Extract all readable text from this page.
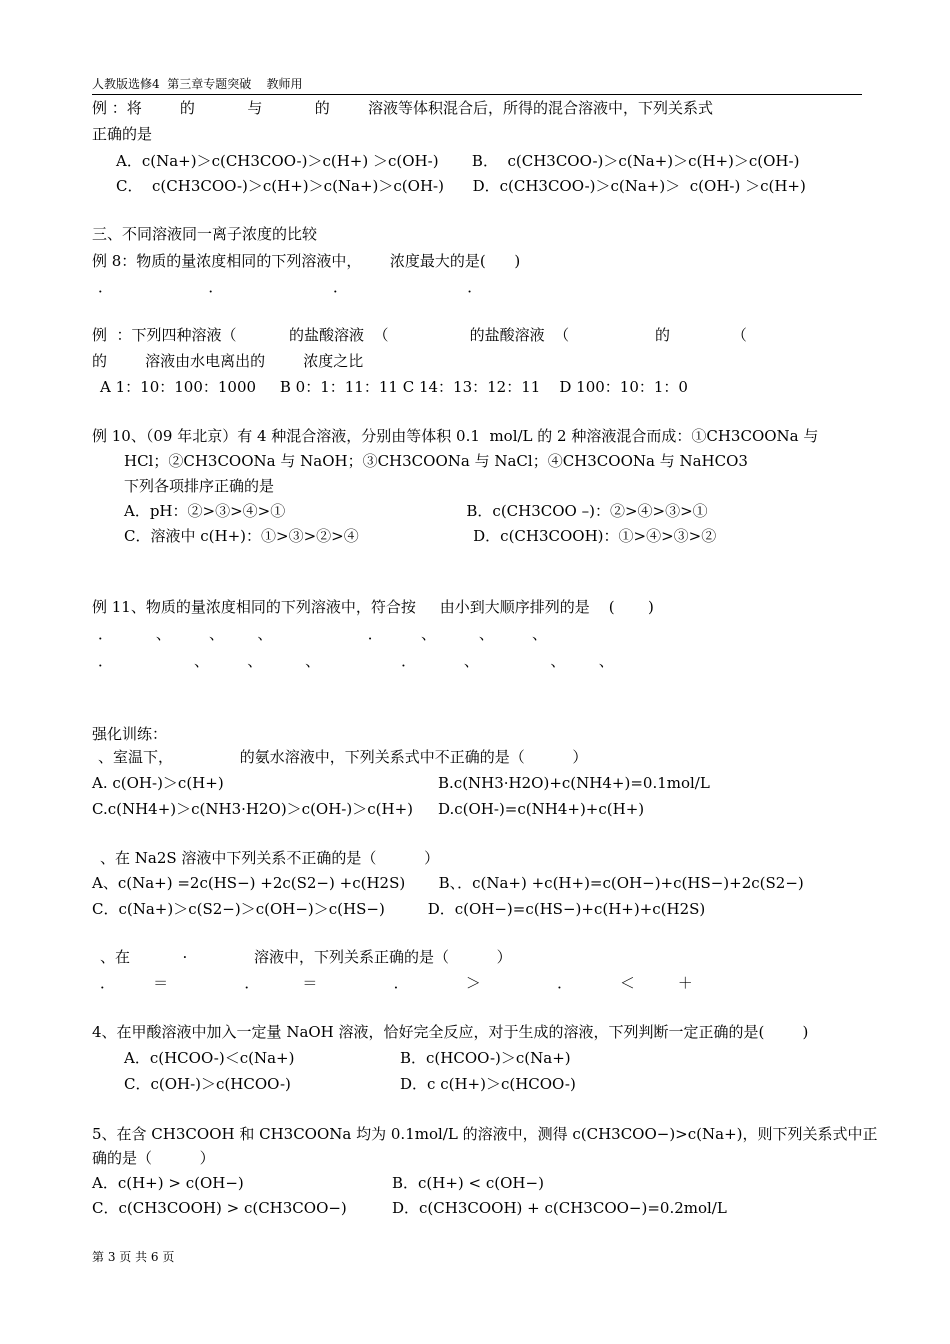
人教版选修4  第三章专题突破    教师用
例 ：将        的           与           的        溶液等体积混合后，所得的混合溶液中，下列关系式
正确的是
A．c(Na+)＞c(CH3COO-)＞c(H+) ＞c(OH-)       B．  c(CH3COO-)＞c(Na+)＞c(H+)＞c(OH-)
C．  c(CH3COO-)＞c(H+)＞c(Na+)＞c(OH-)      D．c(CH3COO-)＞c(Na+)＞  c(OH-) ＞c(H+)
三、不同溶液同一离子浓度的比较
例 8：物质的量浓度相同的下列溶液中，      浓度最大的是(      )
．                    ．                       ．                         ．
例  ：下列四种溶液（           的盐酸溶液  （                 的盐酸溶液  （                  的             （
的        溶液由水电离出的        浓度之比
A 1：10：100：1000     B 0：1：11：11 C 14：13：12：11    D 100：10：1：0
例 10、（09 年北京）有 4 种混合溶液，分别由等体积 0.1  mol/L 的 2 种溶液混合而成：①CH3COONa 与
HCl；②CH3COONa 与 NaOH；③CH3COONa 与 NaCl；④CH3COONa 与 NaHCO3
下列各项排序正确的是
A．pH：②>③>④>①                                      B．c(CH3COO –)：②>④>③>①
C．溶液中 c(H+)：①>③>②>④                        D．c(CH3COOH)：①>④>③>②
例 11、物质的量浓度相同的下列溶液中，符合按     由小到大顺序排列的是    (       )
．         、        、       、                    ．        、         、        、
．                 、        、         、                 ．          、               、       、
强化训练：
、室温下，              的氨水溶液中，下列关系式中不正确的是（          ）
A. c(OH-)＞c(H+)	B.c(NH3·H2O)+c(NH4+)=0.1mol/L
C.c(NH4+)＞c(NH3·H2O)＞c(OH-)＞c(H+) D.c(OH-)=c(NH4+)+c(H+)
、在 Na2S 溶液中下列关系不正确的是（          ）
A、c(Na+) =2c(HS−) +2c(S2−) +c(H2S)       B、．c(Na+) +c(H+)=c(OH−)+c(HS−)+2c(S2−)
C．c(Na+)＞c(S2−)＞c(OH−)＞c(HS−)         D．c(OH−)=c(HS−)+c(H+)+c(H2S)
、在           ·              溶液中，下列关系正确的是（          ）
．        ＝                ．         ＝                ．            ＞                ．          ＜         ＋
4、在甲酸溶液中加入一定量 NaOH 溶液，恰好完全反应，对于生成的溶液，下列判断一定正确的是(        )
A．c(HCOO-)＜c(Na+)	B．c(HCOO-)＞c(Na+)
C．c(OH-)＞c(HCOO-)	D．c c(H+)＞c(HCOO-)
5、在含 CH3COOH 和 CH3COONa 均为 0.1mol/L 的溶液中，测得 c(CH3COO−)>c(Na+)，则下列关系式中正
确的是（          ）
A．c(H+) > c(OH−)	B．c(H+) < c(OH−)
C．c(CH3COOH) > c(CH3COO−)	D．c(CH3COOH) + c(CH3COO−)=0.2mol/L
第 3 页 共 6 页
